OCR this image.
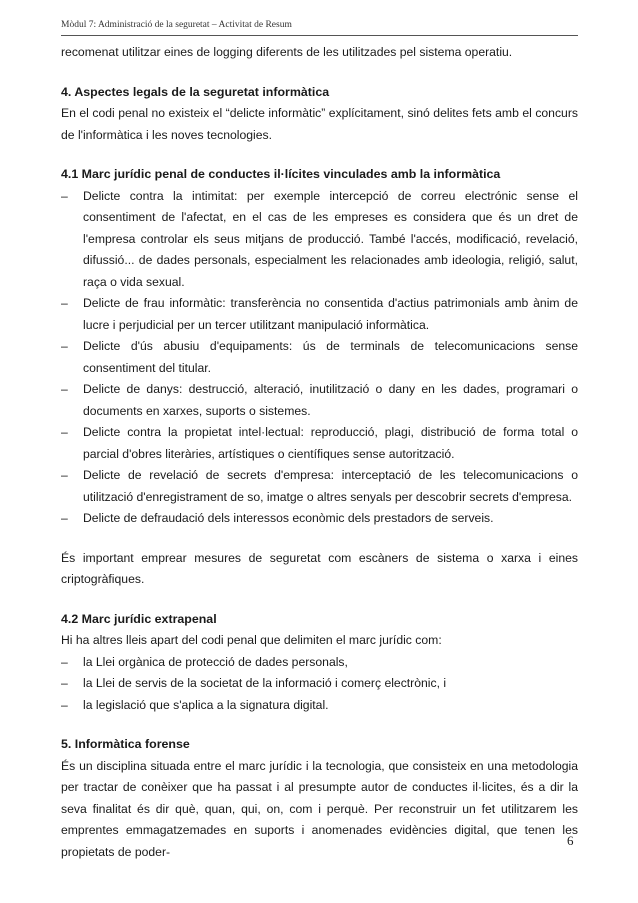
Mòdul 7: Administració de la seguretat – Activitat de Resum

recomenat utilitzar eines de logging diferents de les utilitzades pel sistema operatiu.

4. Aspectes legals de la seguretat informàtica

En el codi penal no existeix el “delicte informàtic” explícitament, sinó delites fets amb el concurs de l'informàtica i les noves tecnologies.

4.1 Marc jurídic penal de conductes il·lícites vinculades amb la informàtica
– Delicte contra la intimitat: per exemple intercepció de correu electrónic sense el consentiment de l'afectat, en el cas de les empreses es considera que és un dret de l'empresa controlar els seus mitjans de producció. També l'accés, modificació, revelació, difussió... de dades personals, especialment les relacionades amb ideologia, religió, salut, raça o vida sexual.
– Delicte de frau informàtic: transferència no consentida d'actius patrimonials amb ànim de lucre i perjudicial per un tercer utilitzant manipulació informàtica.
– Delicte d'ús abusiu d'equipaments: ús de terminals de telecomunicacions sense consentiment del titular.
– Delicte de danys: destrucció, alteració, inutilització o dany en les dades, programari o documents en xarxes, suports o sistemes.
– Delicte contra la propietat intel·lectual: reproducció, plagi, distribució de forma total o parcial d'obres literàries, artístiques o científiques sense autorització.
– Delicte de revelació de secrets d'empresa: interceptació de les telecomunicacions o utilització d'enregistrament de so, imatge o altres senyals per descobrir secrets d'empresa.
– Delicte de defraudació dels interessos econòmic dels prestadors de serveis.

És important emprear mesures de seguretat com escàners de sistema o xarxa i eines criptogràfiques.

4.2 Marc jurídic extrapenal

Hi ha altres lleis apart del codi penal que delimiten el marc jurídic com:

– la Llei orgànica de protecció de dades personals,
– la Llei de servis de la societat de la informació i comerç electrònic, i
– la legislació que s'aplica a la signatura digital.
5. Informàtica forense

És un disciplina situada entre el marc jurídic i la tecnologia, que consisteix en una metodologia per tractar de conèixer que ha passat i al presumpte autor de conductes il·licites, és a dir la seva finalitat és dir què, quan, qui, on, com i perquè. Per reconstruir un fet utilitzarem les emprentes emmagatzemades en suports i anomenades evidències digital, que tenen les propietats de poder-

6
